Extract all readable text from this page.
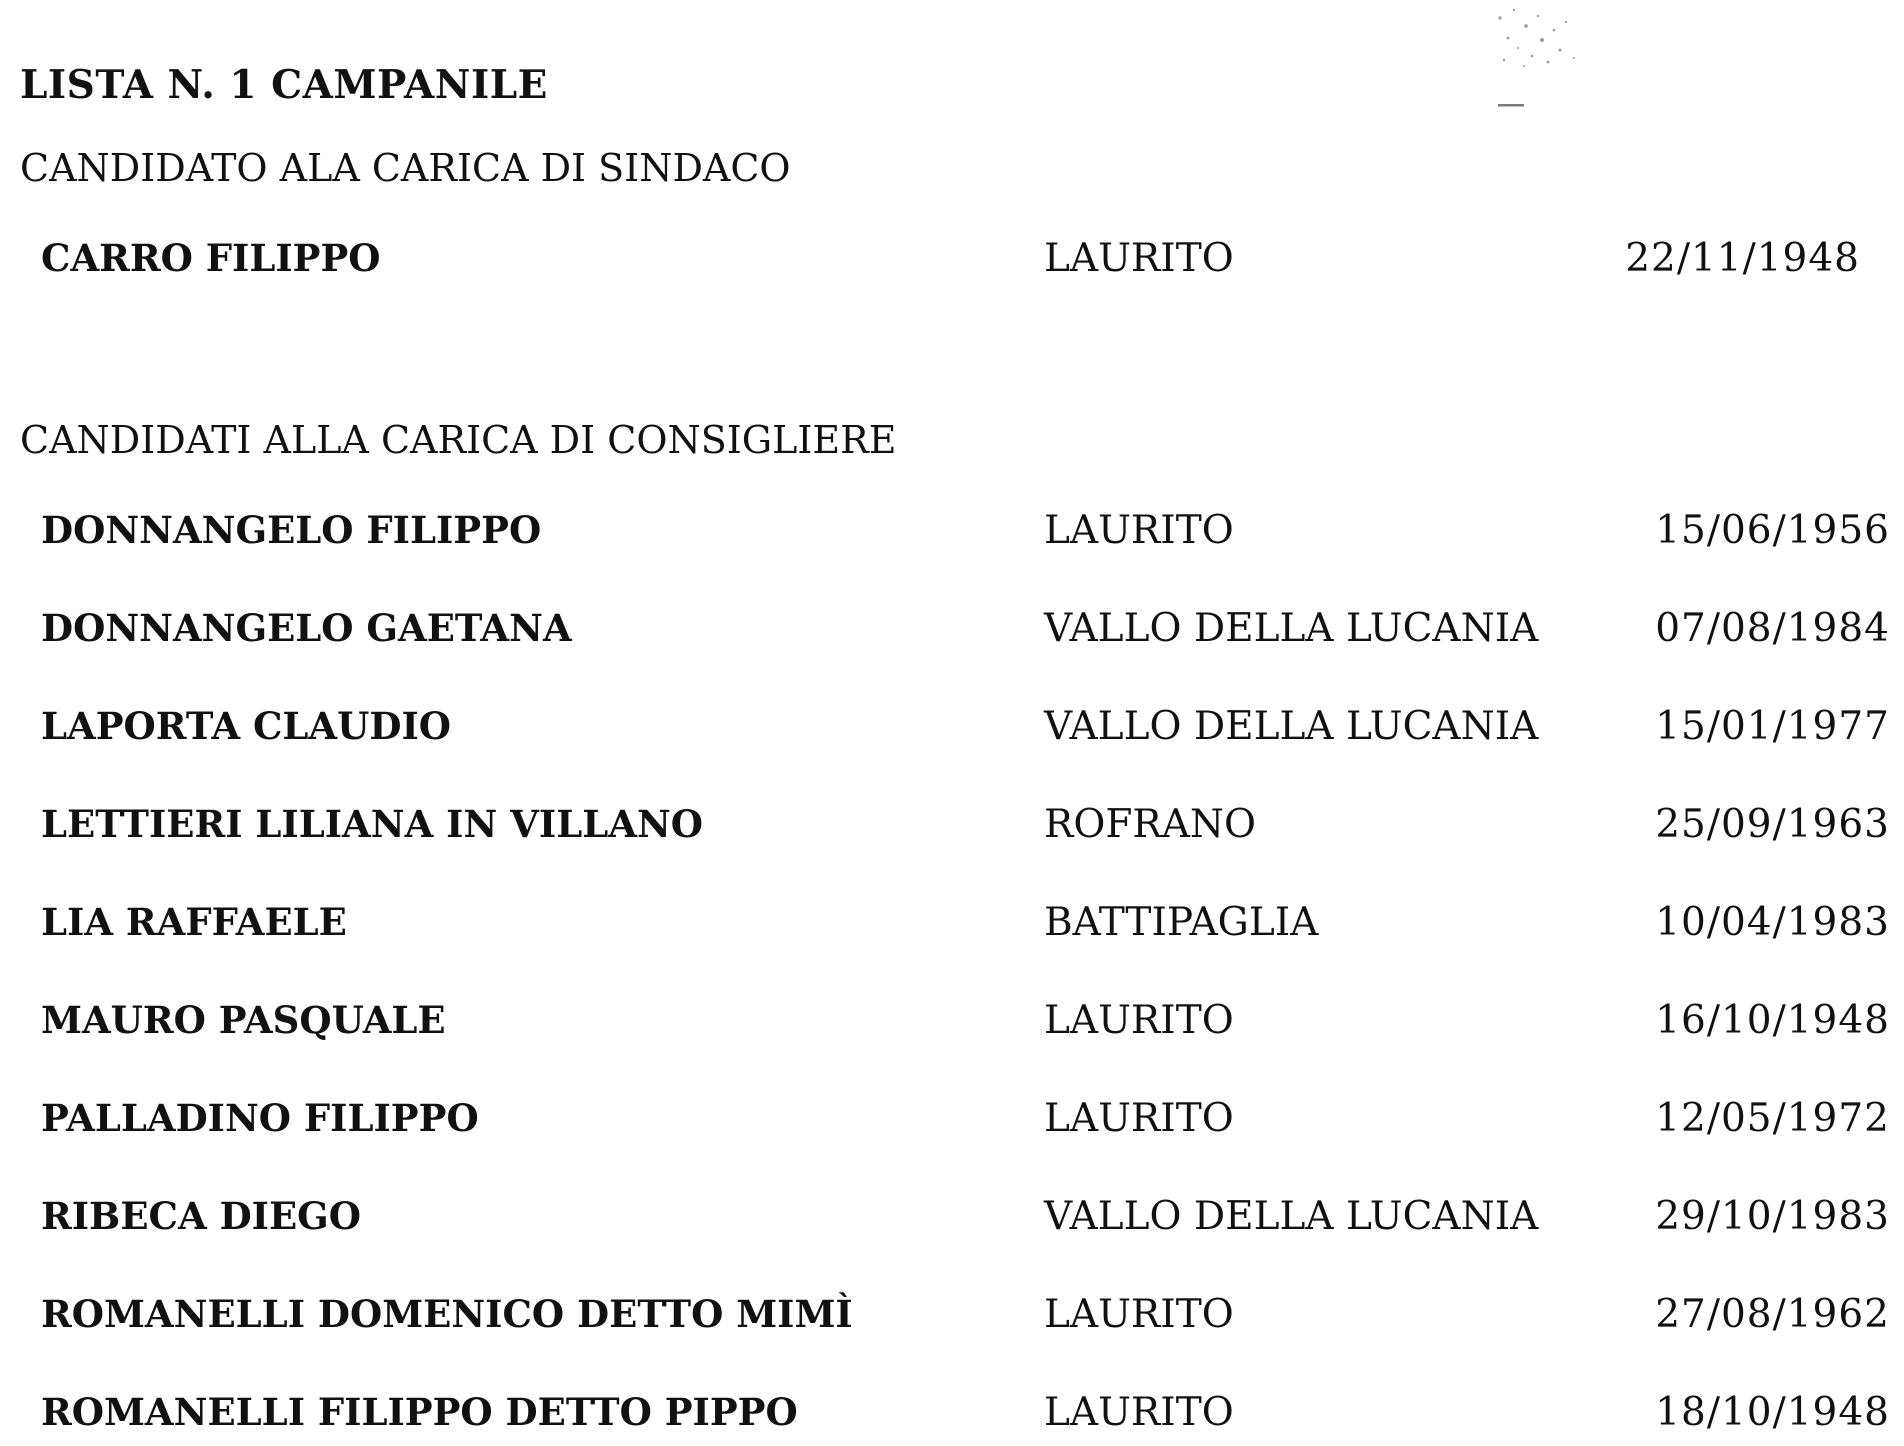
LISTA N. 1 CAMPANILE
CANDIDATO ALA CARICA DI SINDACO
CARRO FILIPPO	LAURITO	22/11/1948
CANDIDATI ALLA CARICA DI CONSIGLIERE
DONNANGELO FILIPPO	LAURITO	15/06/1956
DONNANGELO GAETANA	VALLO DELLA LUCANIA	07/08/1984
LAPORTA CLAUDIO	VALLO DELLA LUCANIA	15/01/1977
LETTIERI LILIANA IN VILLANO	ROFRANO	25/09/1963
LIA RAFFAELE	BATTIPAGLIA	10/04/1983
MAURO PASQUALE	LAURITO	16/10/1948
PALLADINO FILIPPO	LAURITO	12/05/1972
RIBECA DIEGO	VALLO DELLA LUCANIA	29/10/1983
ROMANELLI DOMENICO DETTO MIMÌ	LAURITO	27/08/1962
ROMANELLI FILIPPO DETTO PIPPO	LAURITO	18/10/1948
